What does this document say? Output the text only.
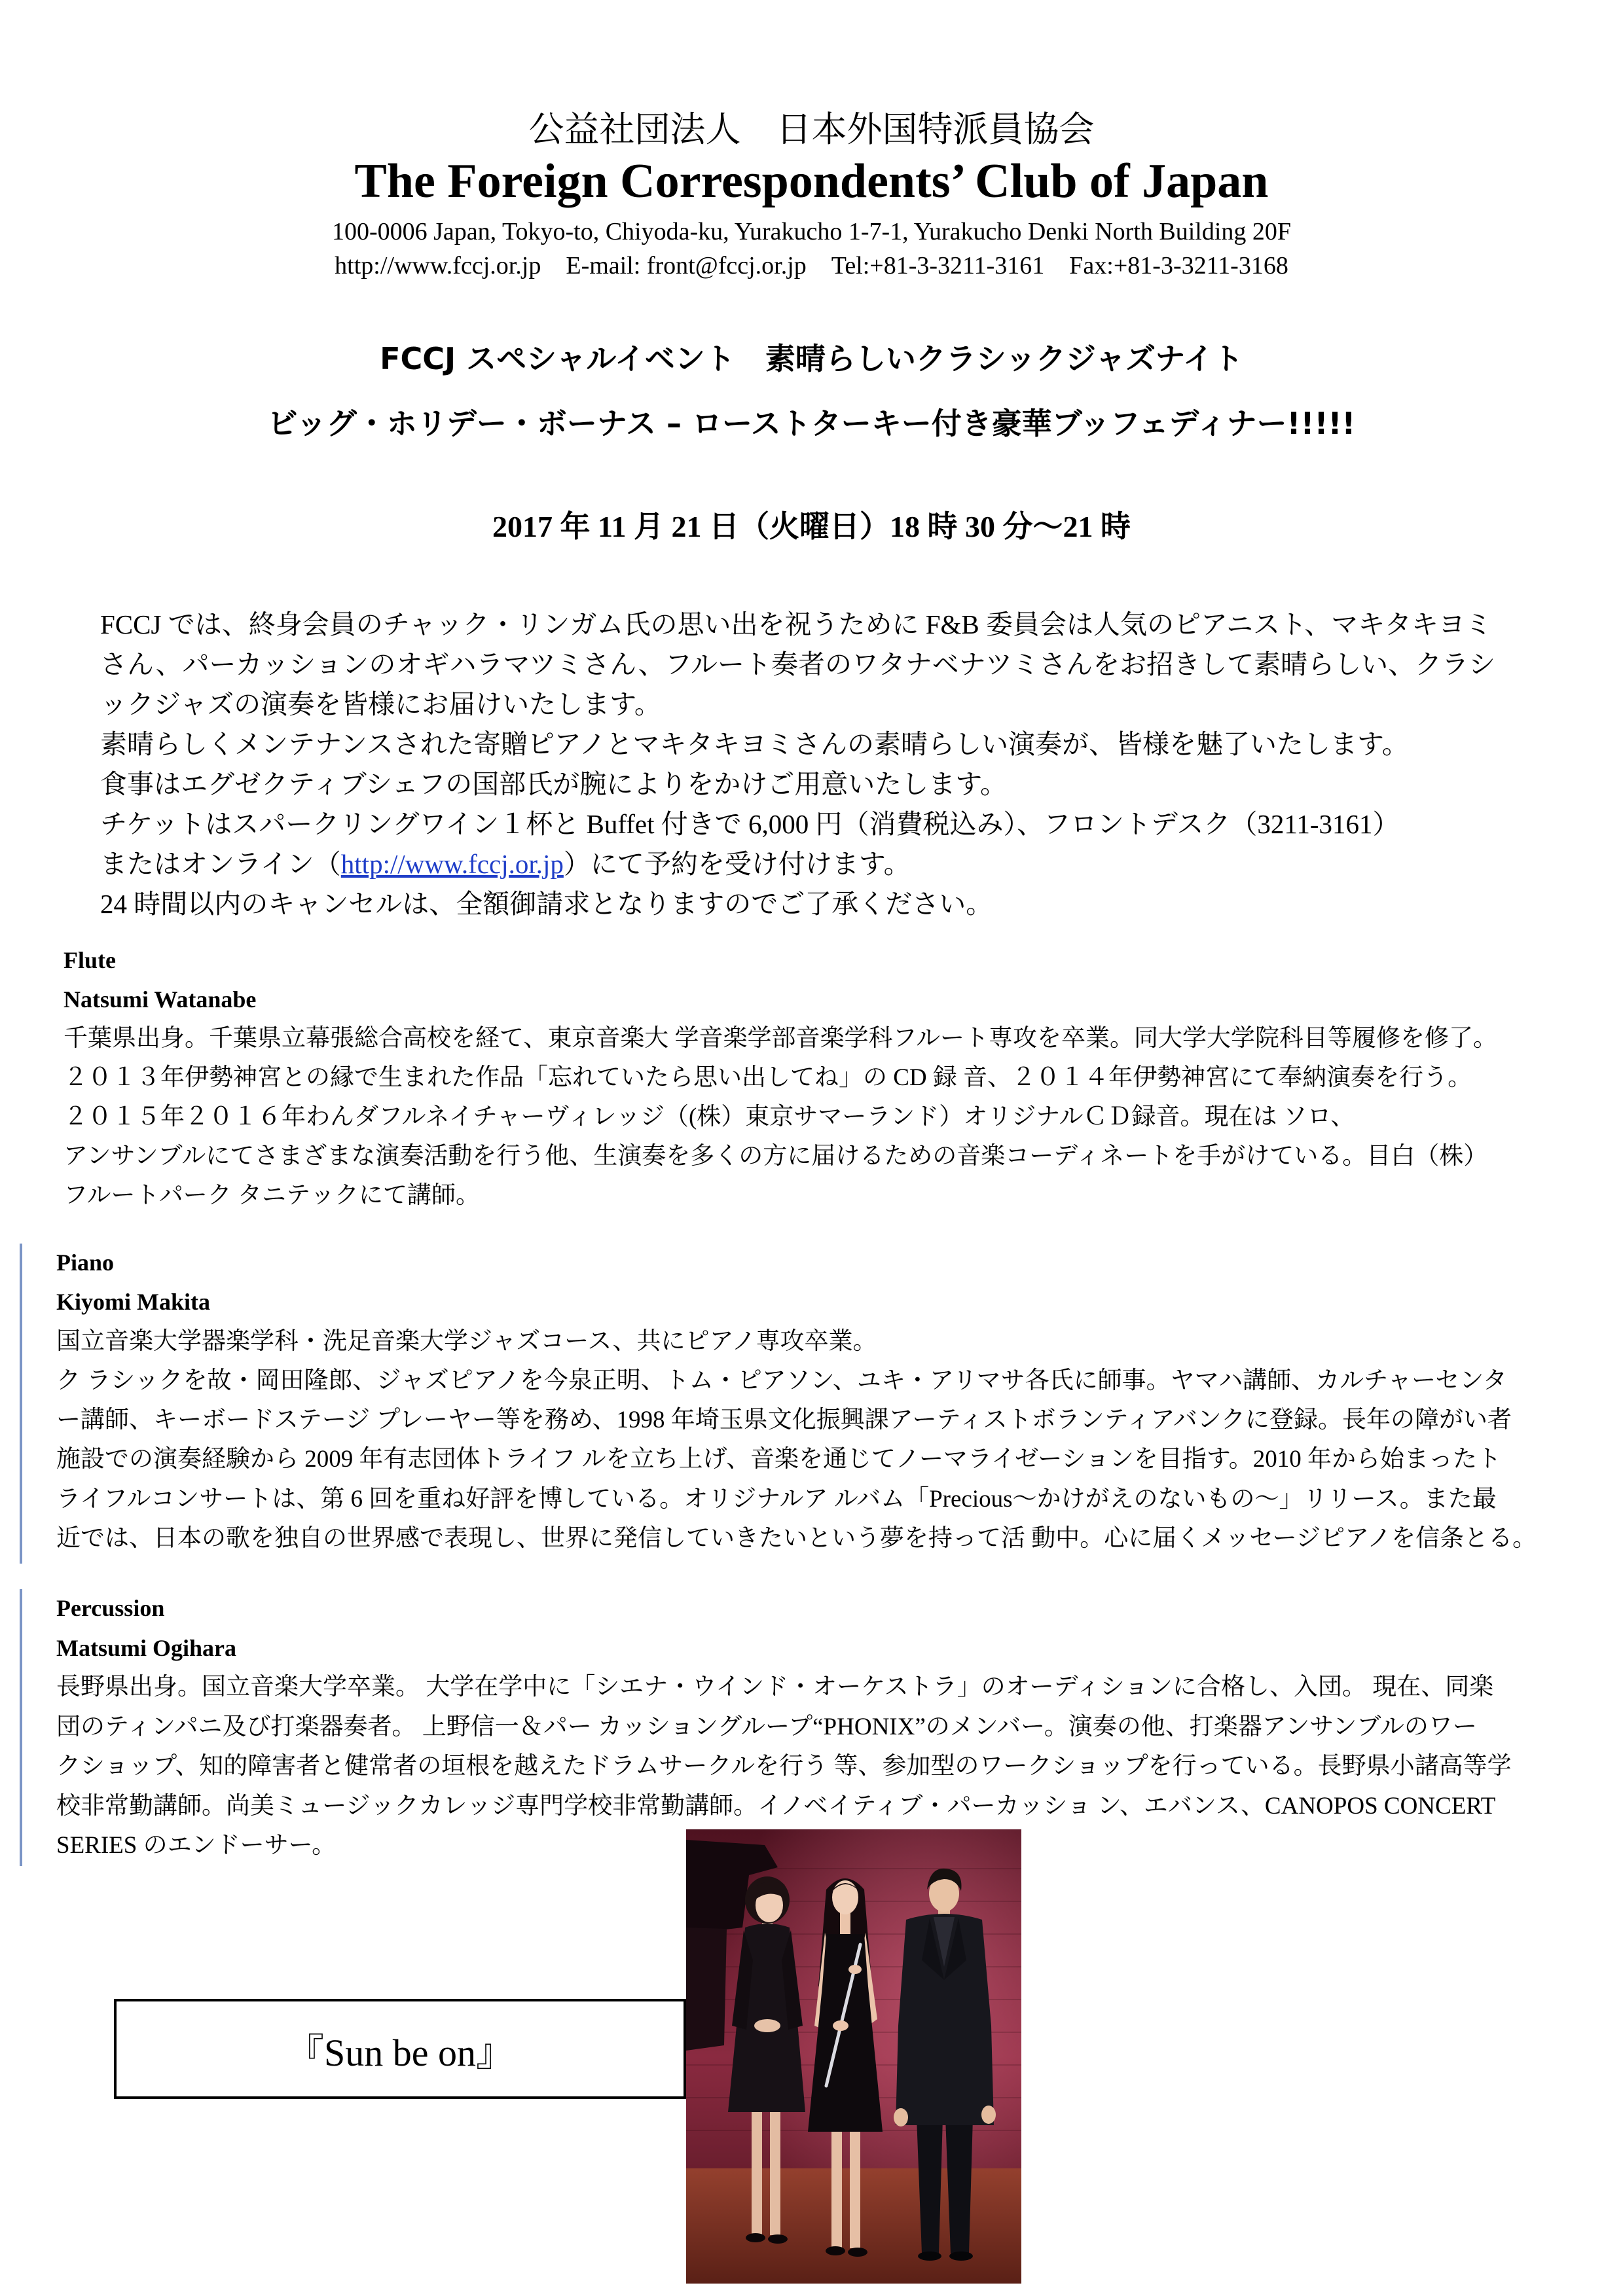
公益社団法人　日本外国特派員協会
The Foreign Correspondents’ Club of Japan
100-0006 Japan, Tokyo-to, Chiyoda-ku, Yurakucho 1-7-1, Yurakucho Denki North Building 20F
http://www.fccj.or.jp E-mail: front@fccj.or.jp Tel:+81-3-3211-3161 Fax:+81-3-3211-3168
FCCJ スペシャルイベント　素晴らしいクラシックジャズナイト
ビッグ・ホリデー・ボーナス – ローストターキー付き豪華ブッフェディナー!!!!!
2017 年 11 月 21 日（火曜日）18 時 30 分～21 時
FCCJ では、終身会員のチャック・リンガム氏の思い出を祝うために F&B 委員会は人気のピアニスト、マキタキヨミ
さん、パーカッションのオギハラマツミさん、フルート奏者のワタナベナツミさんをお招きして素晴らしい、クラシ
ックジャズの演奏を皆様にお届けいたします。
素晴らしくメンテナンスされた寄贈ピアノとマキタキヨミさんの素晴らしい演奏が、皆様を魅了いたします。
食事はエグゼクティブシェフの国部氏が腕によりをかけご用意いたします。
チケットはスパークリングワイン１杯と Buffet 付きで 6,000 円（消費税込み）、フロントデスク（3211-3161）
またはオンライン（http://www.fccj.or.jp）にて予約を受け付けます。
24 時間以内のキャンセルは、全額御請求となりますのでご了承ください。
Flute
Natsumi Watanabe
千葉県出身。千葉県立幕張総合高校を経て、東京音楽大 学音楽学部音楽学科フルート専攻を卒業。同大学大学院科目等履修を修了。
２０１３年伊勢神宮との縁で生まれた作品「忘れていたら思い出してね」の CD 録 音、２０１４年伊勢神宮にて奉納演奏を行う。
２０１５年２０１６年わんダフルネイチャーヴィレッジ（(株）東京サマーランド）オリジナルＣＤ録音。現在は ソロ、
アンサンブルにてさまざまな演奏活動を行う他、生演奏を多くの方に届けるための音楽コーディネートを手がけている。目白（株）
フルートパーク タニテックにて講師。
Piano
Kiyomi Makita
国立音楽大学器楽学科・洗足音楽大学ジャズコース、共にピアノ専攻卒業。
ク ラシックを故・岡田隆郎、ジャズピアノを今泉正明、トム・ピアソン、ユキ・アリマサ各氏に師事。ヤマハ講師、カルチャーセンタ
ー講師、キーボードステージ プレーヤー等を務め、1998 年埼玉県文化振興課アーティストボランティアバンクに登録。長年の障がい者
施設での演奏経験から 2009 年有志団体トライフ ルを立ち上げ、音楽を通じてノーマライゼーションを目指す。2010 年から始まったト
ライフルコンサートは、第 6 回を重ね好評を博している。オリジナルア ルバム「Precious～かけがえのないもの～」リリース。また最
近では、日本の歌を独自の世界感で表現し、世界に発信していきたいという夢を持って活 動中。心に届くメッセージピアノを信条とる。
Percussion
Matsumi Ogihara
長野県出身。国立音楽大学卒業。 大学在学中に「シエナ・ウインド・オーケストラ」のオーディションに合格し、入団。 現在、同楽
団のティンパニ及び打楽器奏者。 上野信一＆パー カッショングループ“PHONIX”のメンバー。演奏の他、打楽器アンサンブルのワー
クショップ、知的障害者と健常者の垣根を越えたドラムサークルを行う 等、参加型のワークショップを行っている。長野県小諸高等学
校非常勤講師。尚美ミュージックカレッジ専門学校非常勤講師。イノベイティブ・パーカッショ ン、エバンス、CANOPOS CONCERT
SERIES のエンドーサー。
『Sun be on』
